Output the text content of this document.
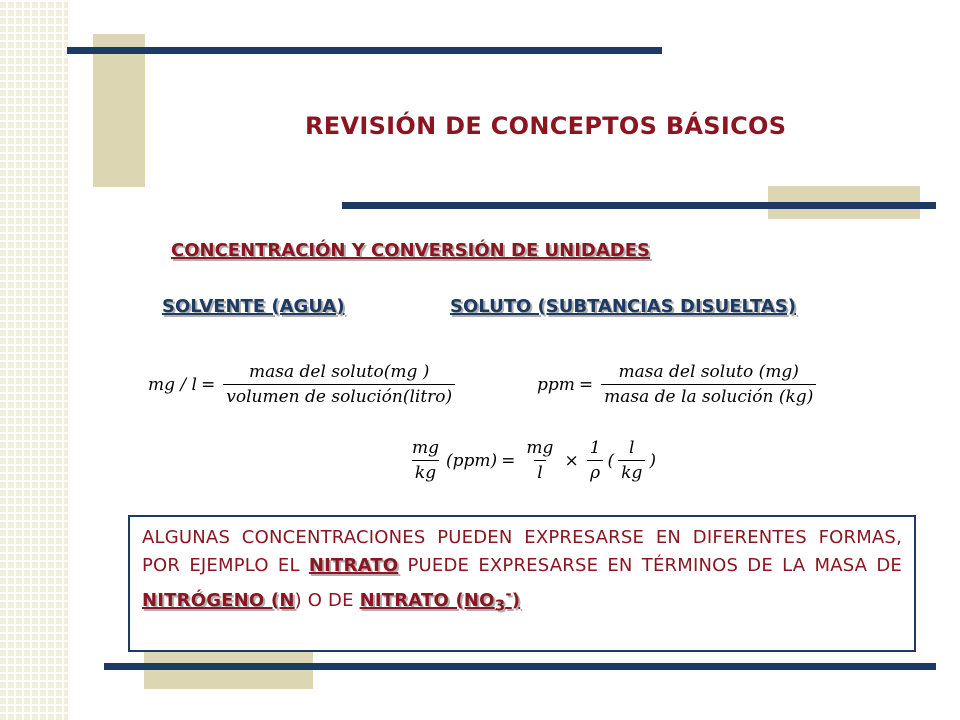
REVISIÓN DE CONCEPTOS BÁSICOS
CONCENTRACIÓN Y CONVERSIÓN DE UNIDADES
SOLVENTE (AGUA)	SOLUTO (SUBTANCIAS DISUELTAS)
mg / $l = \frac{\text{masa del soluto(mg )}}{\text{volumen de solución(litro)}}$	ppm = $\frac{\text{masa del soluto (mg)}}{\text{masa de la solución (kg)}}$
$\frac{mg}{kg} (ppm) = \frac{mg}{l} \times \frac{1}{\rho}$ ( $\frac{l}{kg}$ )
ALGUNAS CONCENTRACIONES PUEDEN EXPRESARSE EN DIFERENTES FORMAS, POR EJEMPLO EL NITRATO PUEDE EXPRESARSE EN TÉRMINOS DE LA MASA DE NITRÓGENO (N) O DE NITRATO $(NO_3^-)$
